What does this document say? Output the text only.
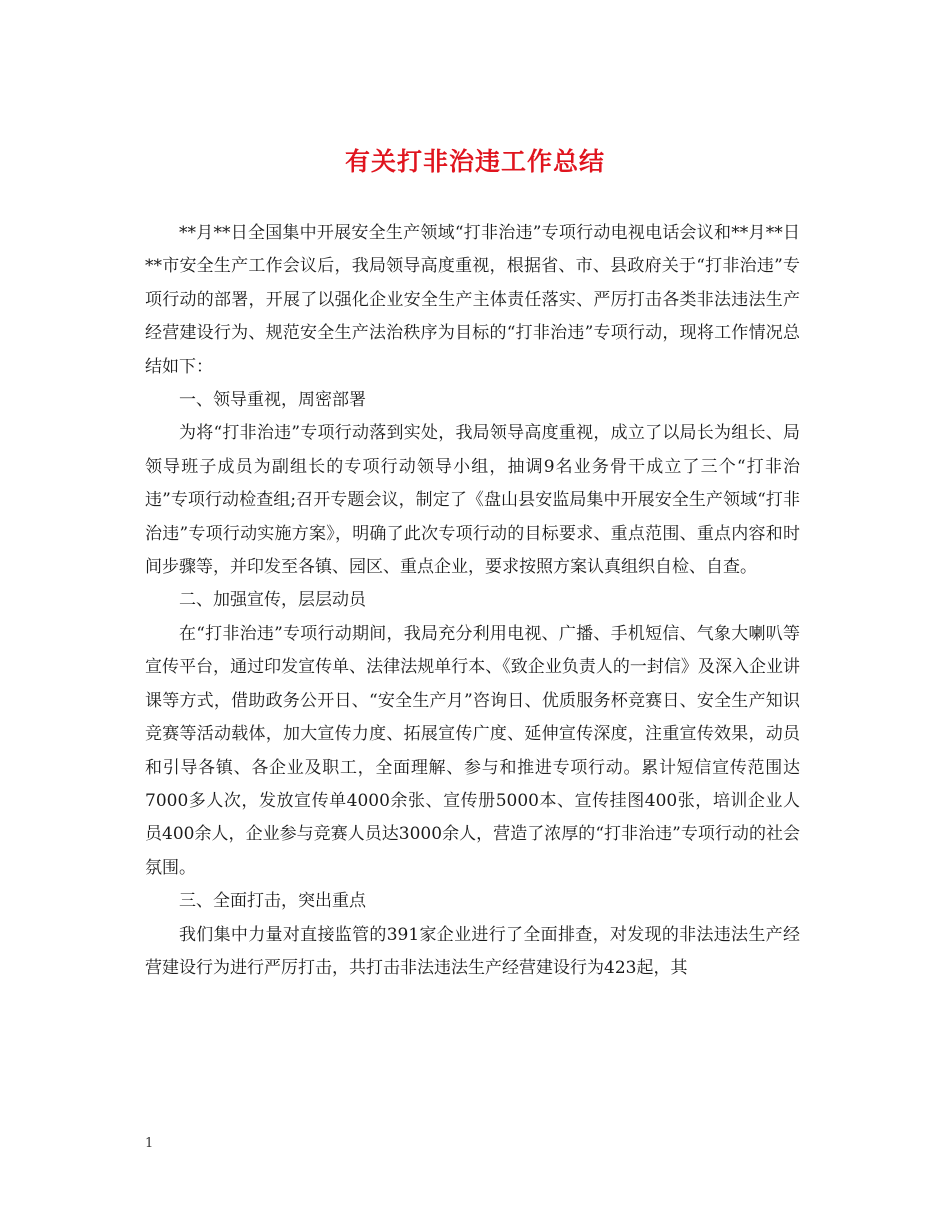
有关打非治违工作总结

**月**日全国集中开展安全生产领域“打非治违”专项行动电视电话会议和**月**日**市安全生产工作会议后，我局领导高度重视，根据省、市、县政府关于“打非治违”专项行动的部署，开展了以强化企业安全生产主体责任落实、严厉打击各类非法违法生产经营建设行为、规范安全生产法治秩序为目标的“打非治违”专项行动，现将工作情况总结如下：

一、领导重视，周密部署

为将“打非治违”专项行动落到实处，我局领导高度重视，成立了以局长为组长、局领导班子成员为副组长的专项行动领导小组，抽调9名业务骨干成立了三个“打非治违”专项行动检查组;召开专题会议，制定了《盘山县安监局集中开展安全生产领域“打非治违”专项行动实施方案》，明确了此次专项行动的目标要求、重点范围、重点内容和时间步骤等，并印发至各镇、园区、重点企业，要求按照方案认真组织自检、自查。

二、加强宣传，层层动员

在“打非治违”专项行动期间，我局充分利用电视、广播、手机短信、气象大喇叭等宣传平台，通过印发宣传单、法律法规单行本、《致企业负责人的一封信》及深入企业讲课等方式，借助政务公开日、“安全生产月”咨询日、优质服务杯竞赛日、安全生产知识竞赛等活动载体，加大宣传力度、拓展宣传广度、延伸宣传深度，注重宣传效果，动员和引导各镇、各企业及职工，全面理解、参与和推进专项行动。累计短信宣传范围达7000多人次，发放宣传单4000余张、宣传册5000本、宣传挂图400张，培训企业人员400余人，企业参与竞赛人员达3000余人，营造了浓厚的“打非治违”专项行动的社会氛围。

三、全面打击，突出重点

我们集中力量对直接监管的391家企业进行了全面排查，对发现的非法违法生产经营建设行为进行严厉打击，共打击非法违法生产经营建设行为423起，其

1
